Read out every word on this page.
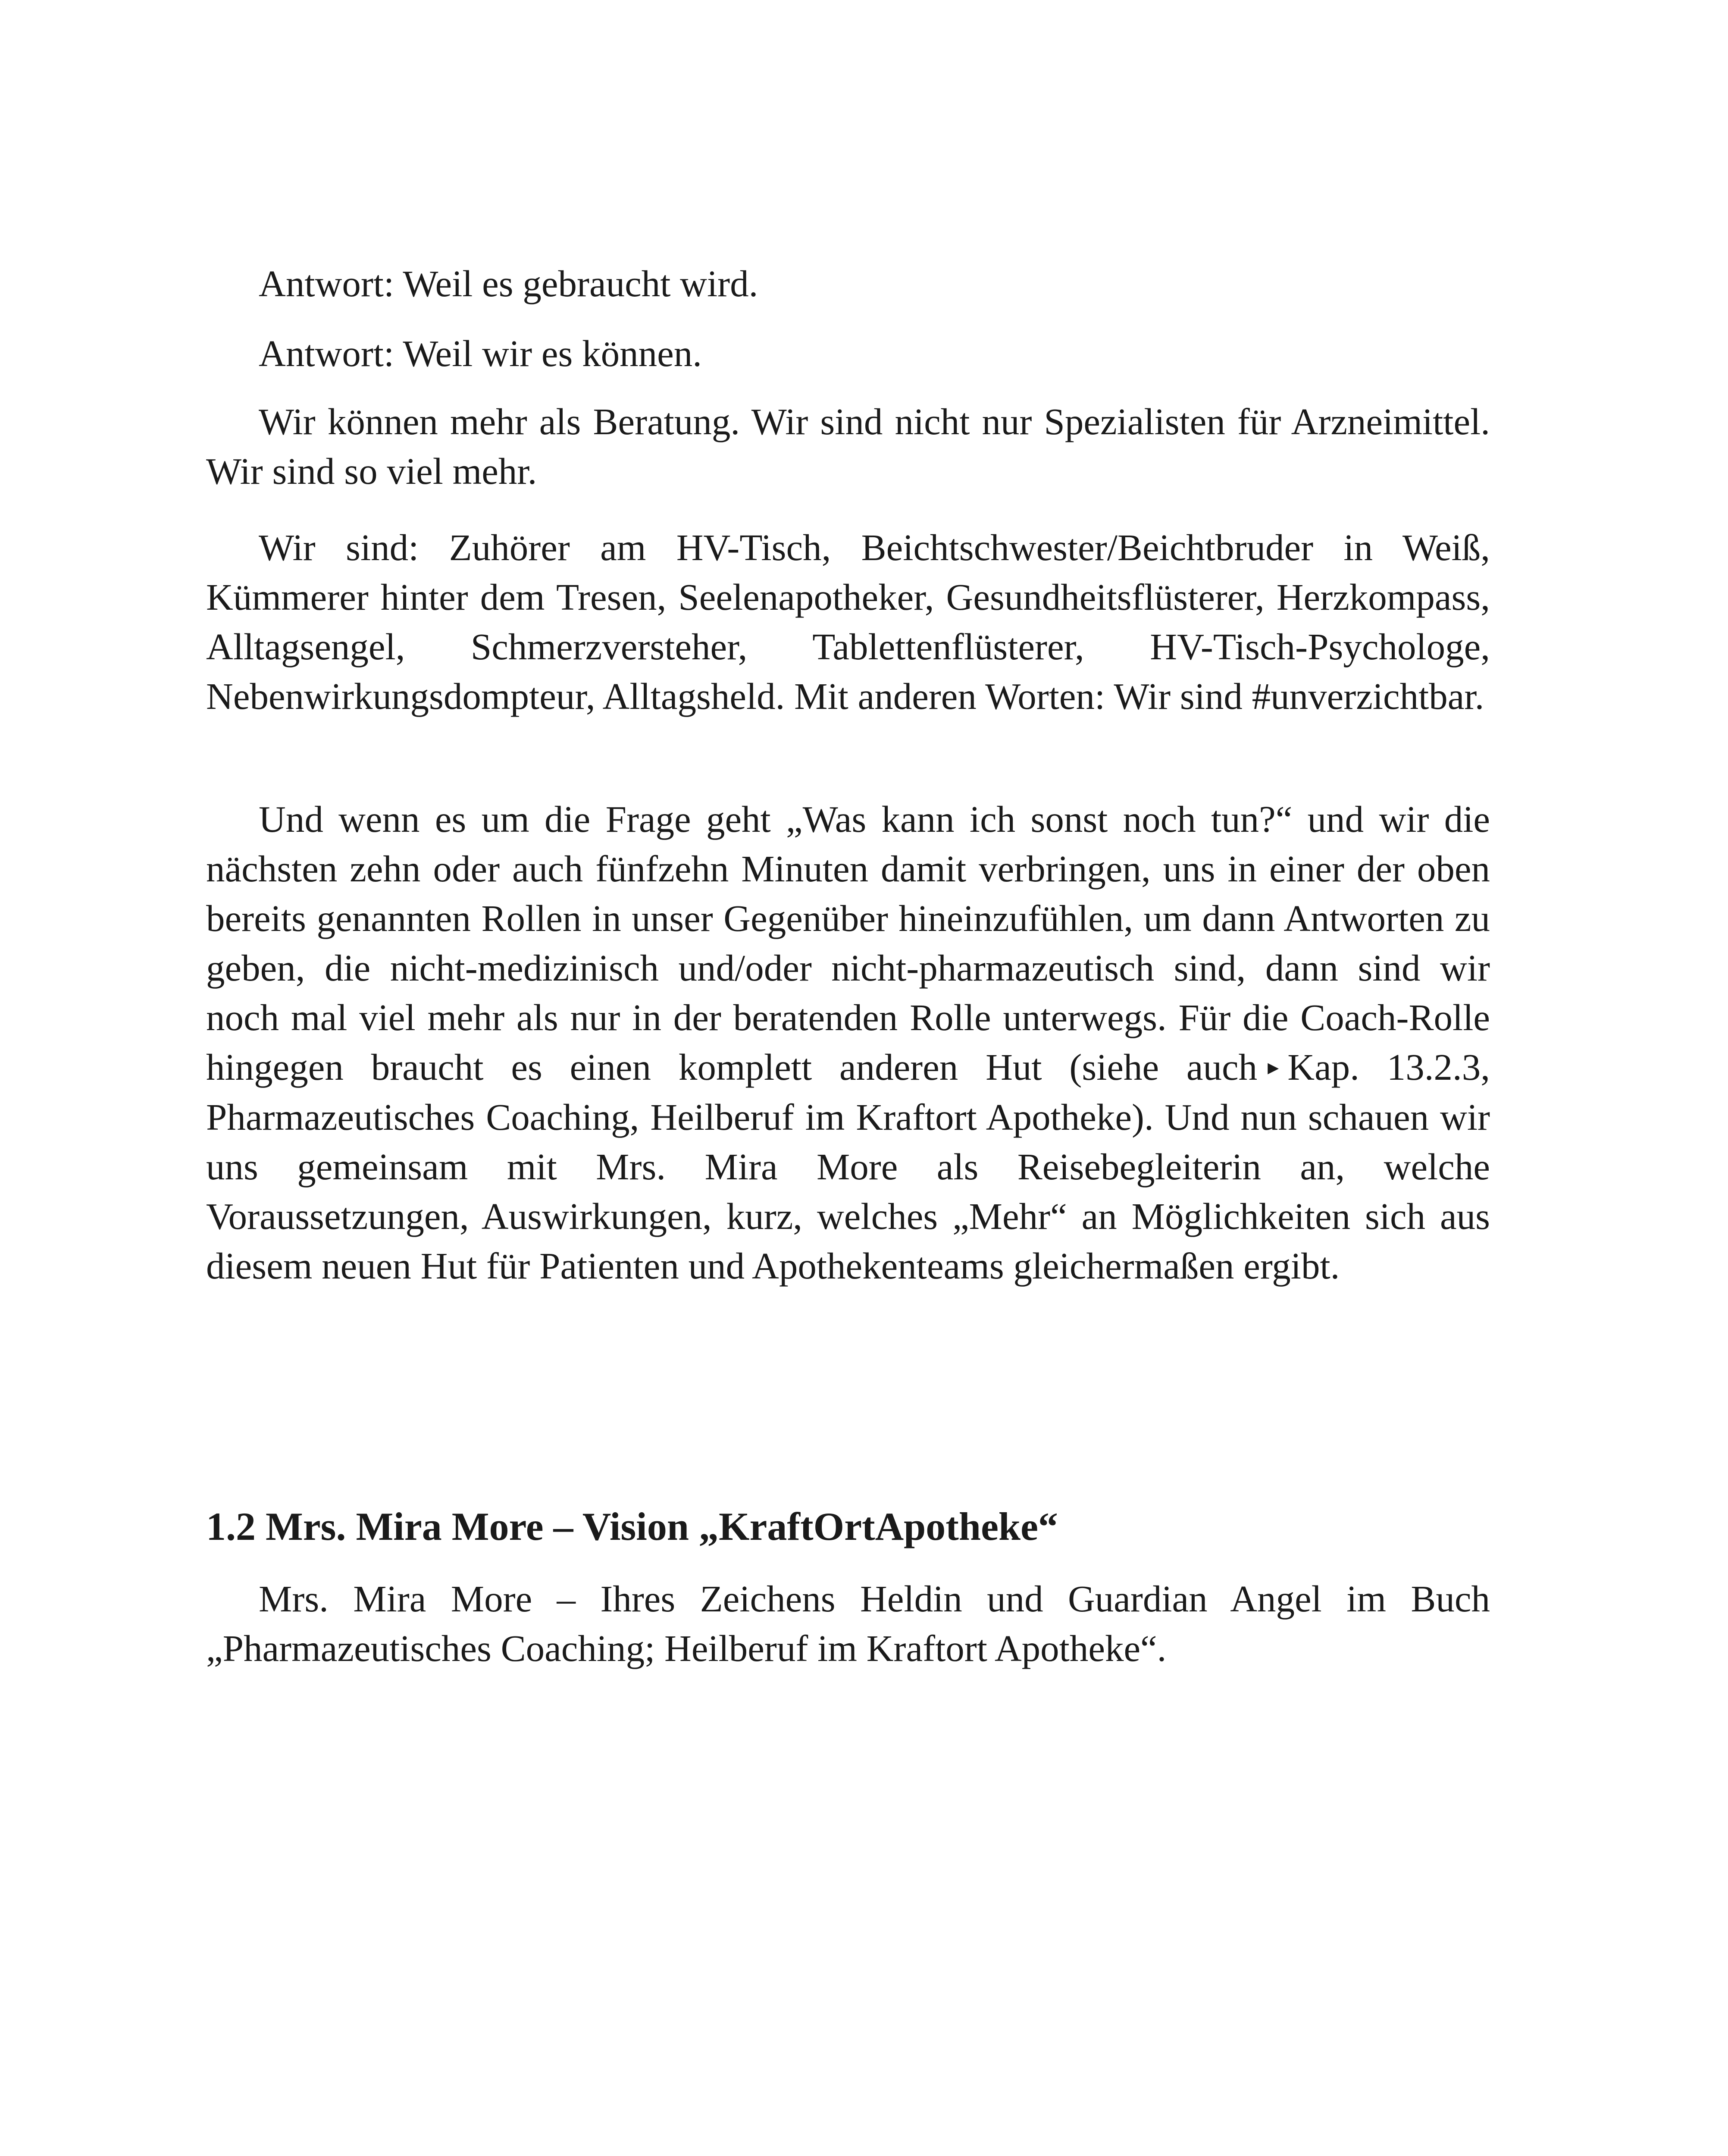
Antwort: Weil es gebraucht wird.

Antwort: Weil wir es können.

Wir können mehr als Beratung. Wir sind nicht nur Spezialisten für Arzneimittel. Wir sind so viel mehr.

Wir sind: Zuhörer am HV-Tisch, Beichtschwester/Beichtbruder in Weiß, Kümmerer hinter dem Tresen, Seelenapotheker, Gesundheitsflüsterer, Herzkompass, Alltagsengel, Schmerzversteher, Tablettenflüsterer, HV-Tisch-Psychologe, Nebenwirkungsdompteur, Alltagsheld. Mit anderen Worten: Wir sind #unverzichtbar.

Und wenn es um die Frage geht „Was kann ich sonst noch tun?“ und wir die nächsten zehn oder auch fünfzehn Minuten damit verbringen, uns in einer der oben bereits genannten Rollen in unser Gegenüber hineinzufühlen, um dann Antworten zu geben, die nicht-medizinisch und/oder nicht-pharmazeutisch sind, dann sind wir noch mal viel mehr als nur in der beratenden Rolle unterwegs. Für die Coach-Rolle hingegen braucht es einen komplett anderen Hut (siehe auch ▸ Kap. 13.2.3, Pharmazeutisches Coaching, Heilberuf im Kraftort Apotheke). Und nun schauen wir uns gemeinsam mit Mrs. Mira More als Reisebegleiterin an, welche Voraussetzungen, Auswirkungen, kurz, welches „Mehr“ an Möglichkeiten sich aus diesem neuen Hut für Patienten und Apothekenteams gleichermaßen ergibt.

1.2 Mrs. Mira More – Vision „KraftOrtApotheke“

Mrs. Mira More – Ihres Zeichens Heldin und Guardian Angel im Buch „Pharmazeutisches Coaching; Heilberuf im Kraftort Apotheke“.
